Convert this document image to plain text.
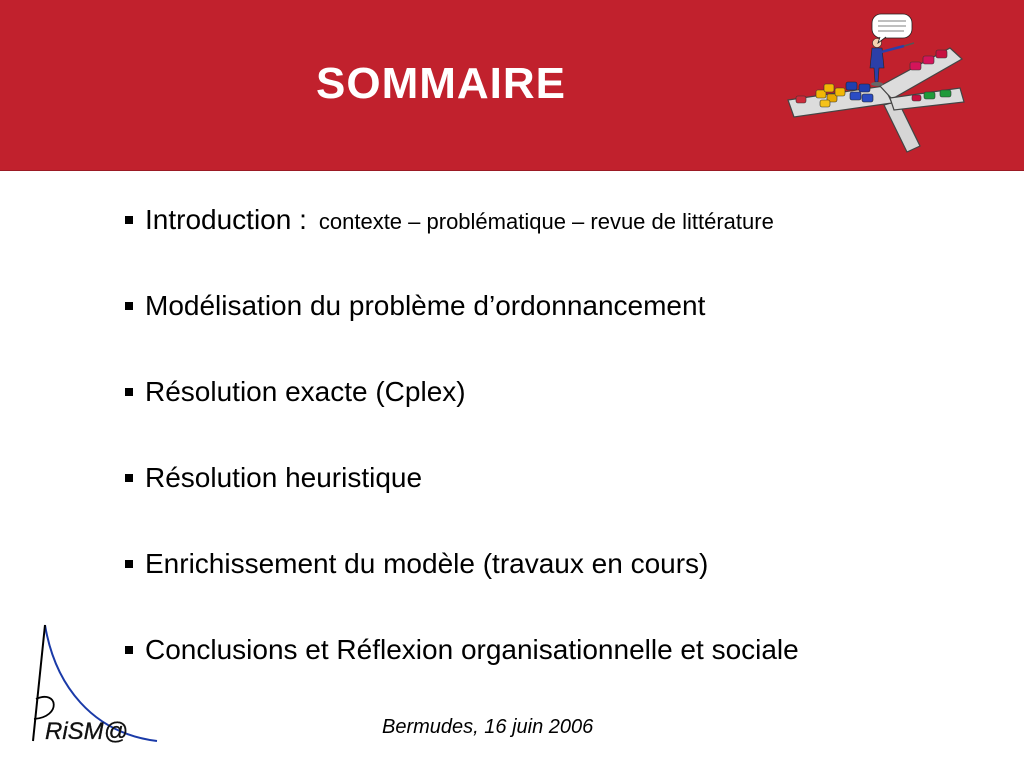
SOMMAIRE
Introduction : contexte – problématique – revue de littérature
Modélisation du problème d’ordonnancement
Résolution exacte (Cplex)
Résolution heuristique
Enrichissement du modèle (travaux en cours)
Conclusions et Réflexion organisationnelle et sociale
Bermudes, 16 juin 2006
RiSM@
